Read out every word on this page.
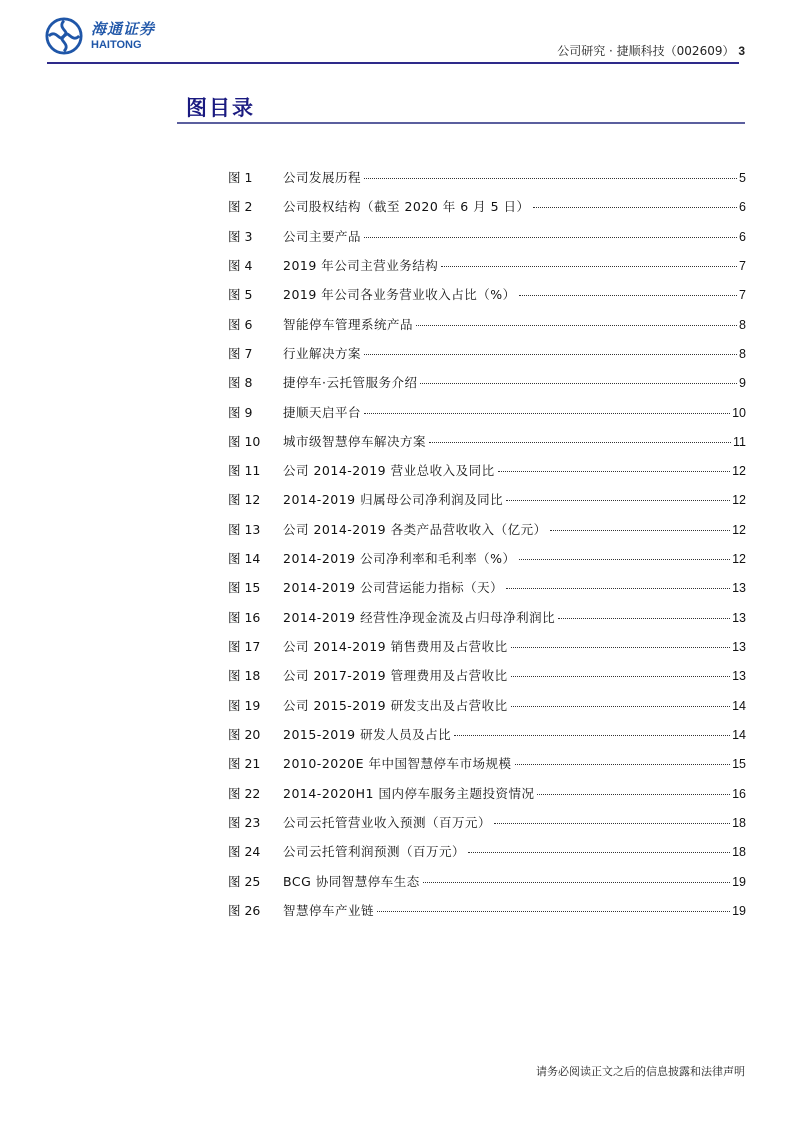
海通证券
HAITONG	公司研究 · 捷顺科技（002609） 3
图目录
图 1	公司发展历程	5
图 2	公司股权结构（截至 2020 年 6 月 5 日）	6
图 3	公司主要产品	6
图 4	2019 年公司主营业务结构	7
图 5	2019 年公司各业务营业收入占比（%）	7
图 6	智能停车管理系统产品	8
图 7	行业解决方案	8
图 8	捷停车·云托管服务介绍	9
图 9	捷顺天启平台	10
图 10	城市级智慧停车解决方案	11
图 11	公司 2014-2019 营业总收入及同比	12
图 12	2014-2019 归属母公司净利润及同比	12
图 13	公司 2014-2019 各类产品营收收入（亿元）	12
图 14	2014-2019 公司净利率和毛利率（%）	12
图 15	2014-2019 公司营运能力指标（天）	13
图 16	2014-2019 经营性净现金流及占归母净利润比	13
图 17	公司 2014-2019 销售费用及占营收比	13
图 18	公司 2017-2019 管理费用及占营收比	13
图 19	公司 2015-2019 研发支出及占营收比	14
图 20	2015-2019 研发人员及占比	14
图 21	2010-2020E 年中国智慧停车市场规模	15
图 22	2014-2020H1 国内停车服务主题投资情况	16
图 23	公司云托管营业收入预测（百万元）	18
图 24	公司云托管利润预测（百万元）	18
图 25	BCG 协同智慧停车生态	19
图 26	智慧停车产业链	19
请务必阅读正文之后的信息披露和法律声明
